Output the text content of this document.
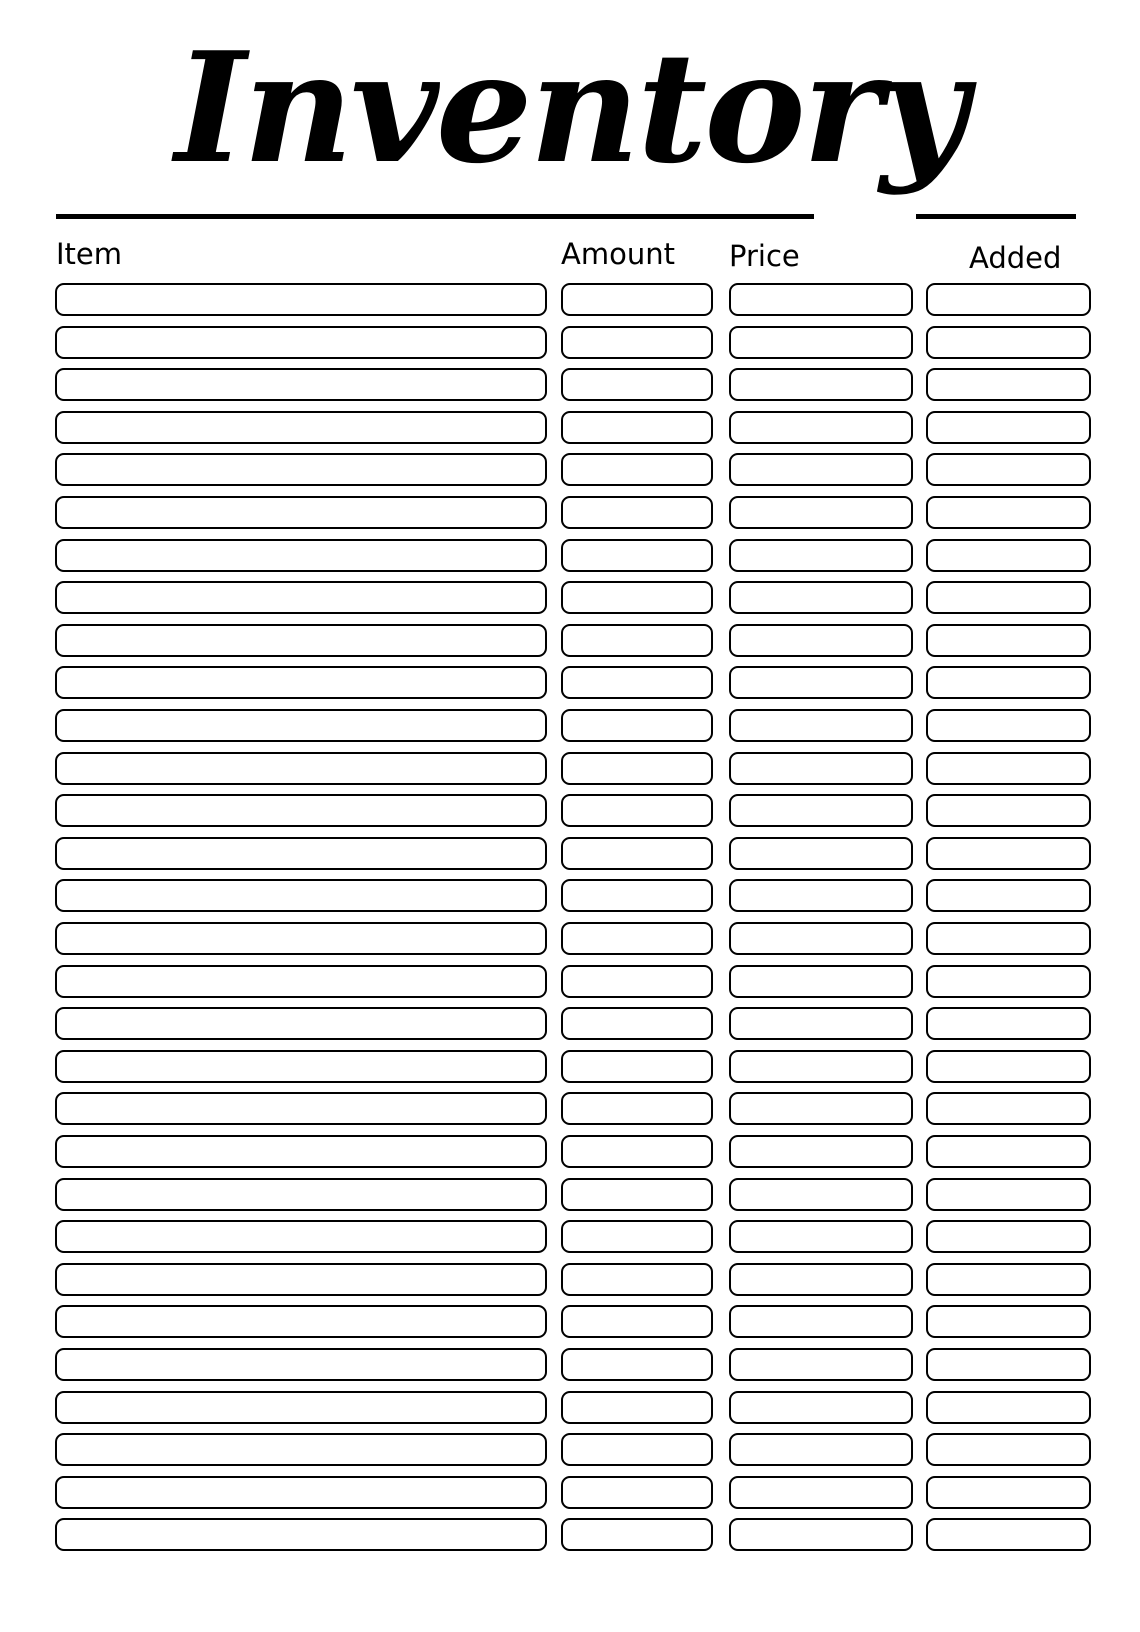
Inventory
Item	Amount Price	Added
